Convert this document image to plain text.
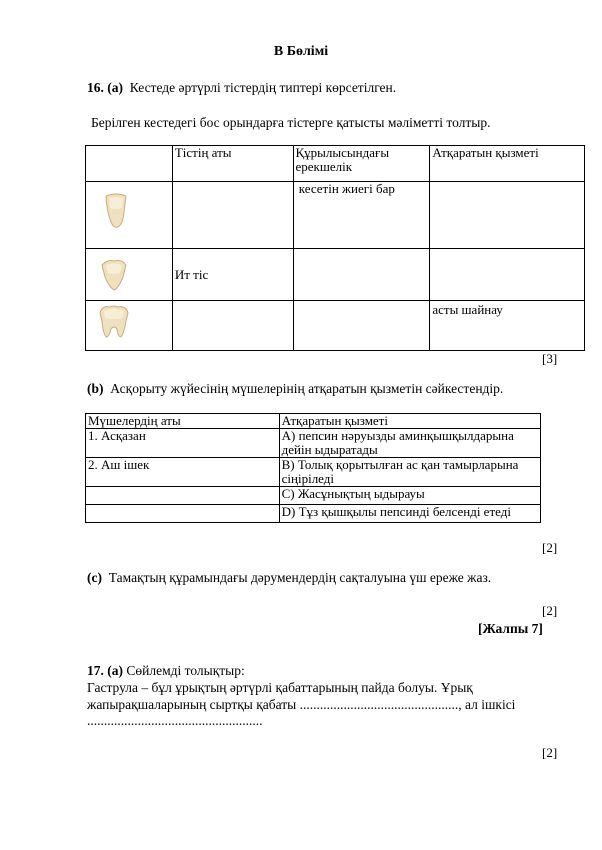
В Бөлімі
16. (a) Кестеде әртүрлі тістердің типтері көрсетілген.
Берілген кестедегі бос орындарға тістерге қатысты мәліметті толтыр.
	Тістің аты	Құрылысындағы ерекшелік	Атқаратын қызметі

		кесетін жиегі бар	

	Ит тіс		

			асты шайнау
[3]
(b) Асқорыту жүйесінің мүшелерінің атқаратын қызметін сәйкестендір.
Мүшелердің аты	Атқаратын қызметі
1. Асқазан	А) пепсин нәруызды аминқышқылдарына дейін ыдыратады
2. Аш ішек	В) Толық қорытылған ас қан тамырларына сіңіріледі
	С) Жасұнықтың ыдырауы
	D) Тұз қышқылы пепсинді белсенді етеді
[2]
(c) Тамақтың құрамындағы дәрумендердің сақталуына үш ереже жаз.
[2]
[Жалпы 7]
17. (a) Сөйлемді толықтыр:
Гаструла – бұл ұрықтың әртүрлі қабаттарының пайда болуы. Ұрық
жапырақшаларының сыртқы қабаты ..............................................., ал ішкісі
....................................................
[2]
